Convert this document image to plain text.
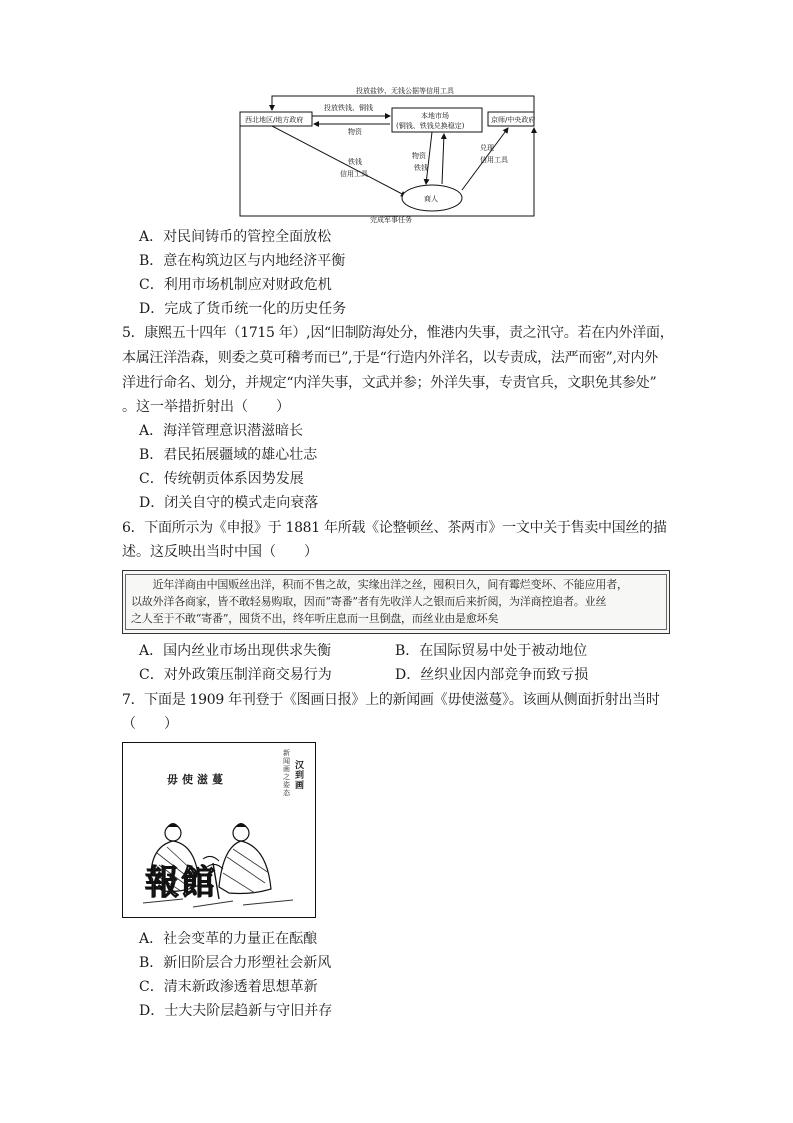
投放盐钞、无钱公据等信用工具
西北地区/地方政府	本地市场
(铜钱、铁钱兑换稳定)
京师/中央政府
投放铁钱、铜钱
物资
铁钱
信用工具
物资
铁钱
兑现
信用工具
商人
完成军事任务
A．对民间铸币的管控全面放松
B．意在构筑边区与内地经济平衡
C．利用市场机制应对财政危机
D．完成了货币统一化的历史任务
5．康熙五十四年（1715 年）,因“旧制防海处分，惟港内失事，责之汛守。若在内外洋面，
本属汪洋浩森，则委之莫可稽考而已”,于是“行造内外洋名，以专责成，法严而密”,对内外
洋进行命名、划分，并规定“内洋失事，文武并参；外洋失事，专责官兵，文职免其参处”
。这一举措折射出（　　）
A．海洋管理意识潜滋暗长
B．君民拓展疆域的雄心壮志
C．传统朝贡体系因势发展
D．闭关自守的模式走向衰落
6．下面所示为《申报》于 1881 年所载《论整顿丝、茶两市》一文中关于售卖中国丝的描
述。这反映出当时中国（　　）
　　近年洋商由中国贩丝出洋，积而不售之故，实缘出洋之丝，囤积日久，间有霉烂变坏、不能应用者，
以故外洋各商家，皆不敢轻易购取，因而“寄番”者有先收洋人之银而后来折阅，为洋商控追者。业丝
之人至于不敢“寄番”，囤货不出，终年听庄息而一旦倒盘，而丝业由是愈坏矣
A．国内丝业市场出现供求失衡	B．在国际贸易中处于被动地位
C．对外政策压制洋商交易行为	D．丝织业因内部竞争而致亏损
7．下面是 1909 年刊登于《图画日报》上的新闻画《毋使滋蔓》。该画从侧面折射出当时
（　　）
毋使滋蔓
新闻画之姿态
汉到画
報館
A．社会变革的力量正在酝酿
B．新旧阶层合力形塑社会新风
C．清末新政渗透着思想革新
D．士大夫阶层趋新与守旧并存
